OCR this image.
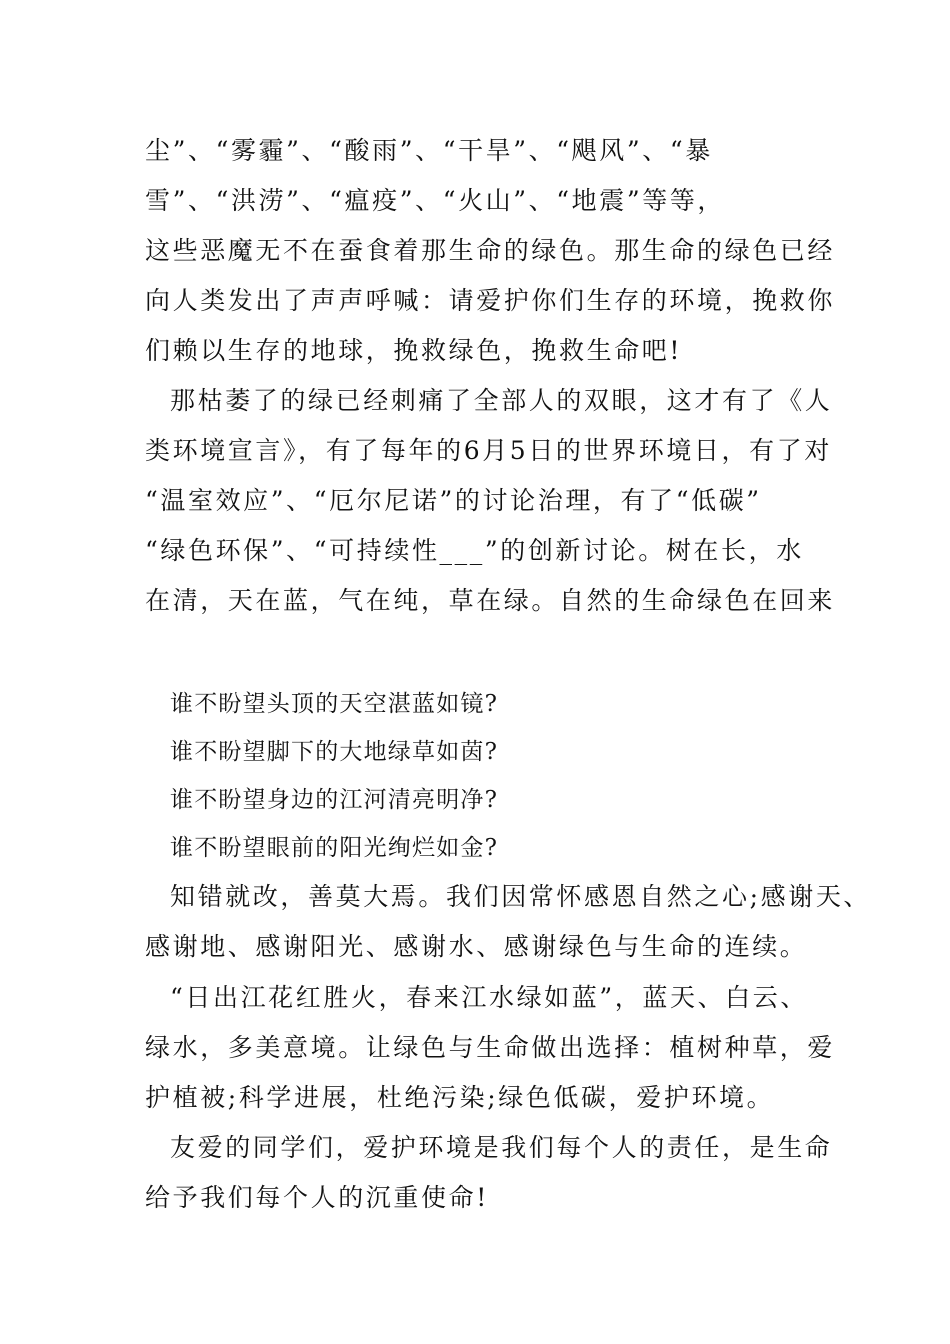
尘”、“雾霾”、“酸雨”、“干旱”、“飓风”、“暴
雪”、“洪涝”、“瘟疫”、“火山”、“地震”等等，
这些恶魔无不在蚕食着那生命的绿色。那生命的绿色已经
向人类发出了声声呼喊：请爱护你们生存的环境，挽救你
们赖以生存的地球，挽救绿色，挽救生命吧!
那枯萎了的绿已经刺痛了全部人的双眼，这才有了《人
类环境宣言》，有了每年的6月5日的世界环境日，有了对
“温室效应”、“厄尔尼诺”的讨论治理，有了“低碳”
“绿色环保”、“可持续性___”的创新讨论。树在长，水
在清，天在蓝，气在纯，草在绿。自然的生命绿色在回来
谁不盼望头顶的天空湛蓝如镜?
谁不盼望脚下的大地绿草如茵?
谁不盼望身边的江河清亮明净?
谁不盼望眼前的阳光绚烂如金?
知错就改，善莫大焉。我们因常怀感恩自然之心;感谢天、
感谢地、感谢阳光、感谢水、感谢绿色与生命的连续。
“日出江花红胜火，春来江水绿如蓝”，蓝天、白云、
绿水，多美意境。让绿色与生命做出选择：植树种草，爱
护植被;科学进展，杜绝污染;绿色低碳，爱护环境。
友爱的同学们，爱护环境是我们每个人的责任，是生命
给予我们每个人的沉重使命!
